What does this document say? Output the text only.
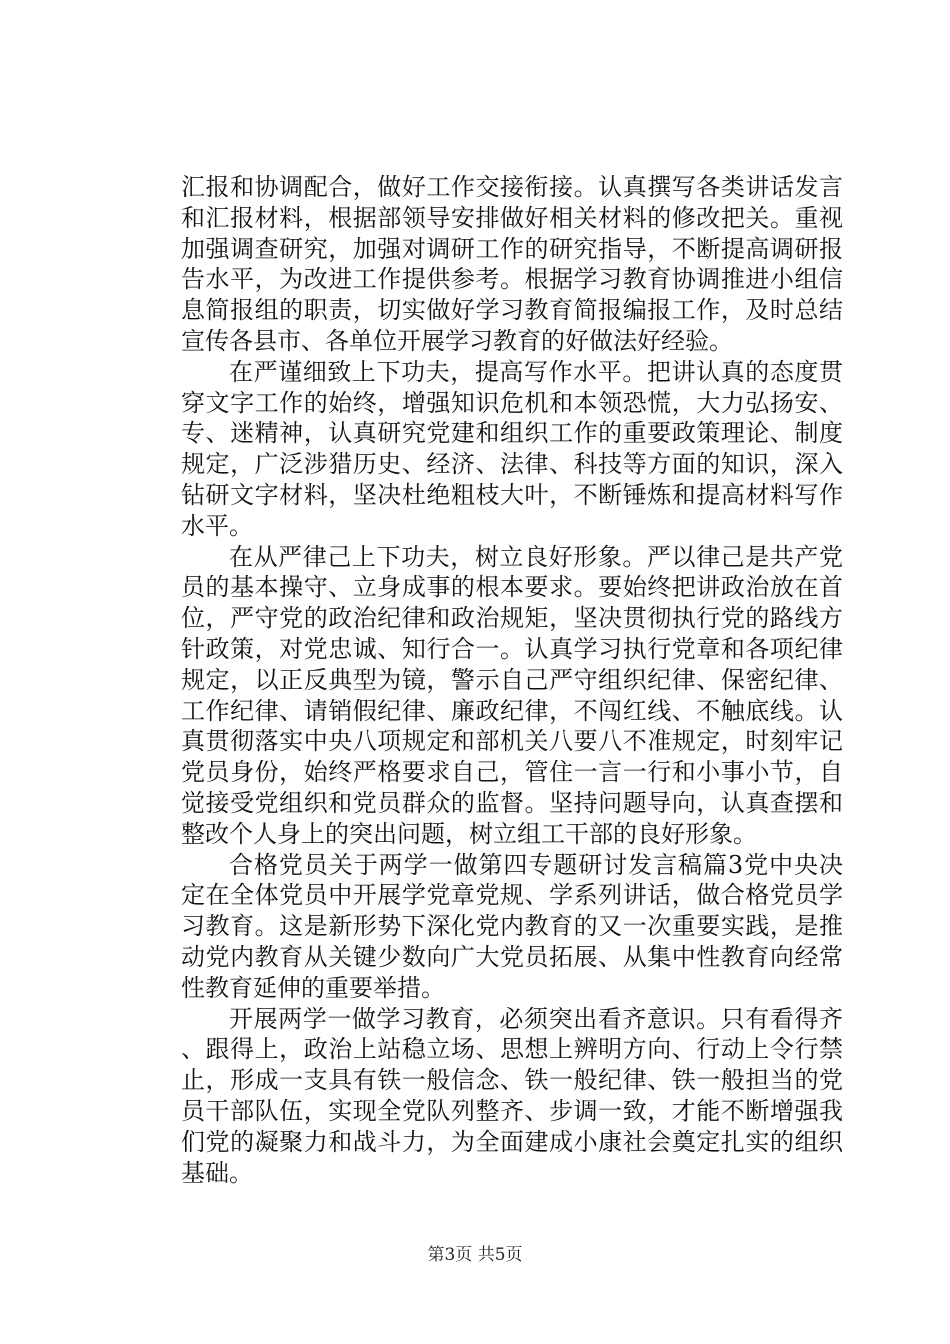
汇报和协调配合，做好工作交接衔接。认真撰写各类讲话发言和汇报材料，根据部领导安排做好相关材料的修改把关。重视加强调查研究，加强对调研工作的研究指导，不断提高调研报告水平，为改进工作提供参考。根据学习教育协调推进小组信息简报组的职责，切实做好学习教育简报编报工作，及时总结宣传各县市、各单位开展学习教育的好做法好经验。

在严谨细致上下功夫，提高写作水平。把讲认真的态度贯穿文字工作的始终，增强知识危机和本领恐慌，大力弘扬安、专、迷精神，认真研究党建和组织工作的重要政策理论、制度规定，广泛涉猎历史、经济、法律、科技等方面的知识，深入钻研文字材料，坚决杜绝粗枝大叶，不断锤炼和提高材料写作水平。

在从严律己上下功夫，树立良好形象。严以律己是共产党员的基本操守、立身成事的根本要求。要始终把讲政治放在首位，严守党的政治纪律和政治规矩，坚决贯彻执行党的路线方针政策，对党忠诚、知行合一。认真学习执行党章和各项纪律规定，以正反典型为镜，警示自己严守组织纪律、保密纪律、工作纪律、请销假纪律、廉政纪律，不闯红线、不触底线。认真贯彻落实中央八项规定和部机关八要八不准规定，时刻牢记党员身份，始终严格要求自己，管住一言一行和小事小节，自觉接受党组织和党员群众的监督。坚持问题导向，认真查摆和整改个人身上的突出问题，树立组工干部的良好形象。

合格党员关于两学一做第四专题研讨发言稿篇3党中央决定在全体党员中开展学党章党规、学系列讲话，做合格党员学习教育。这是新形势下深化党内教育的又一次重要实践，是推动党内教育从关键少数向广大党员拓展、从集中性教育向经常性教育延伸的重要举措。

开展两学一做学习教育，必须突出看齐意识。只有看得齐、跟得上，政治上站稳立场、思想上辨明方向、行动上令行禁止，形成一支具有铁一般信念、铁一般纪律、铁一般担当的党员干部队伍，实现全党队列整齐、步调一致，才能不断增强我们党的凝聚力和战斗力，为全面建成小康社会奠定扎实的组织基础。

第3页 共5页
